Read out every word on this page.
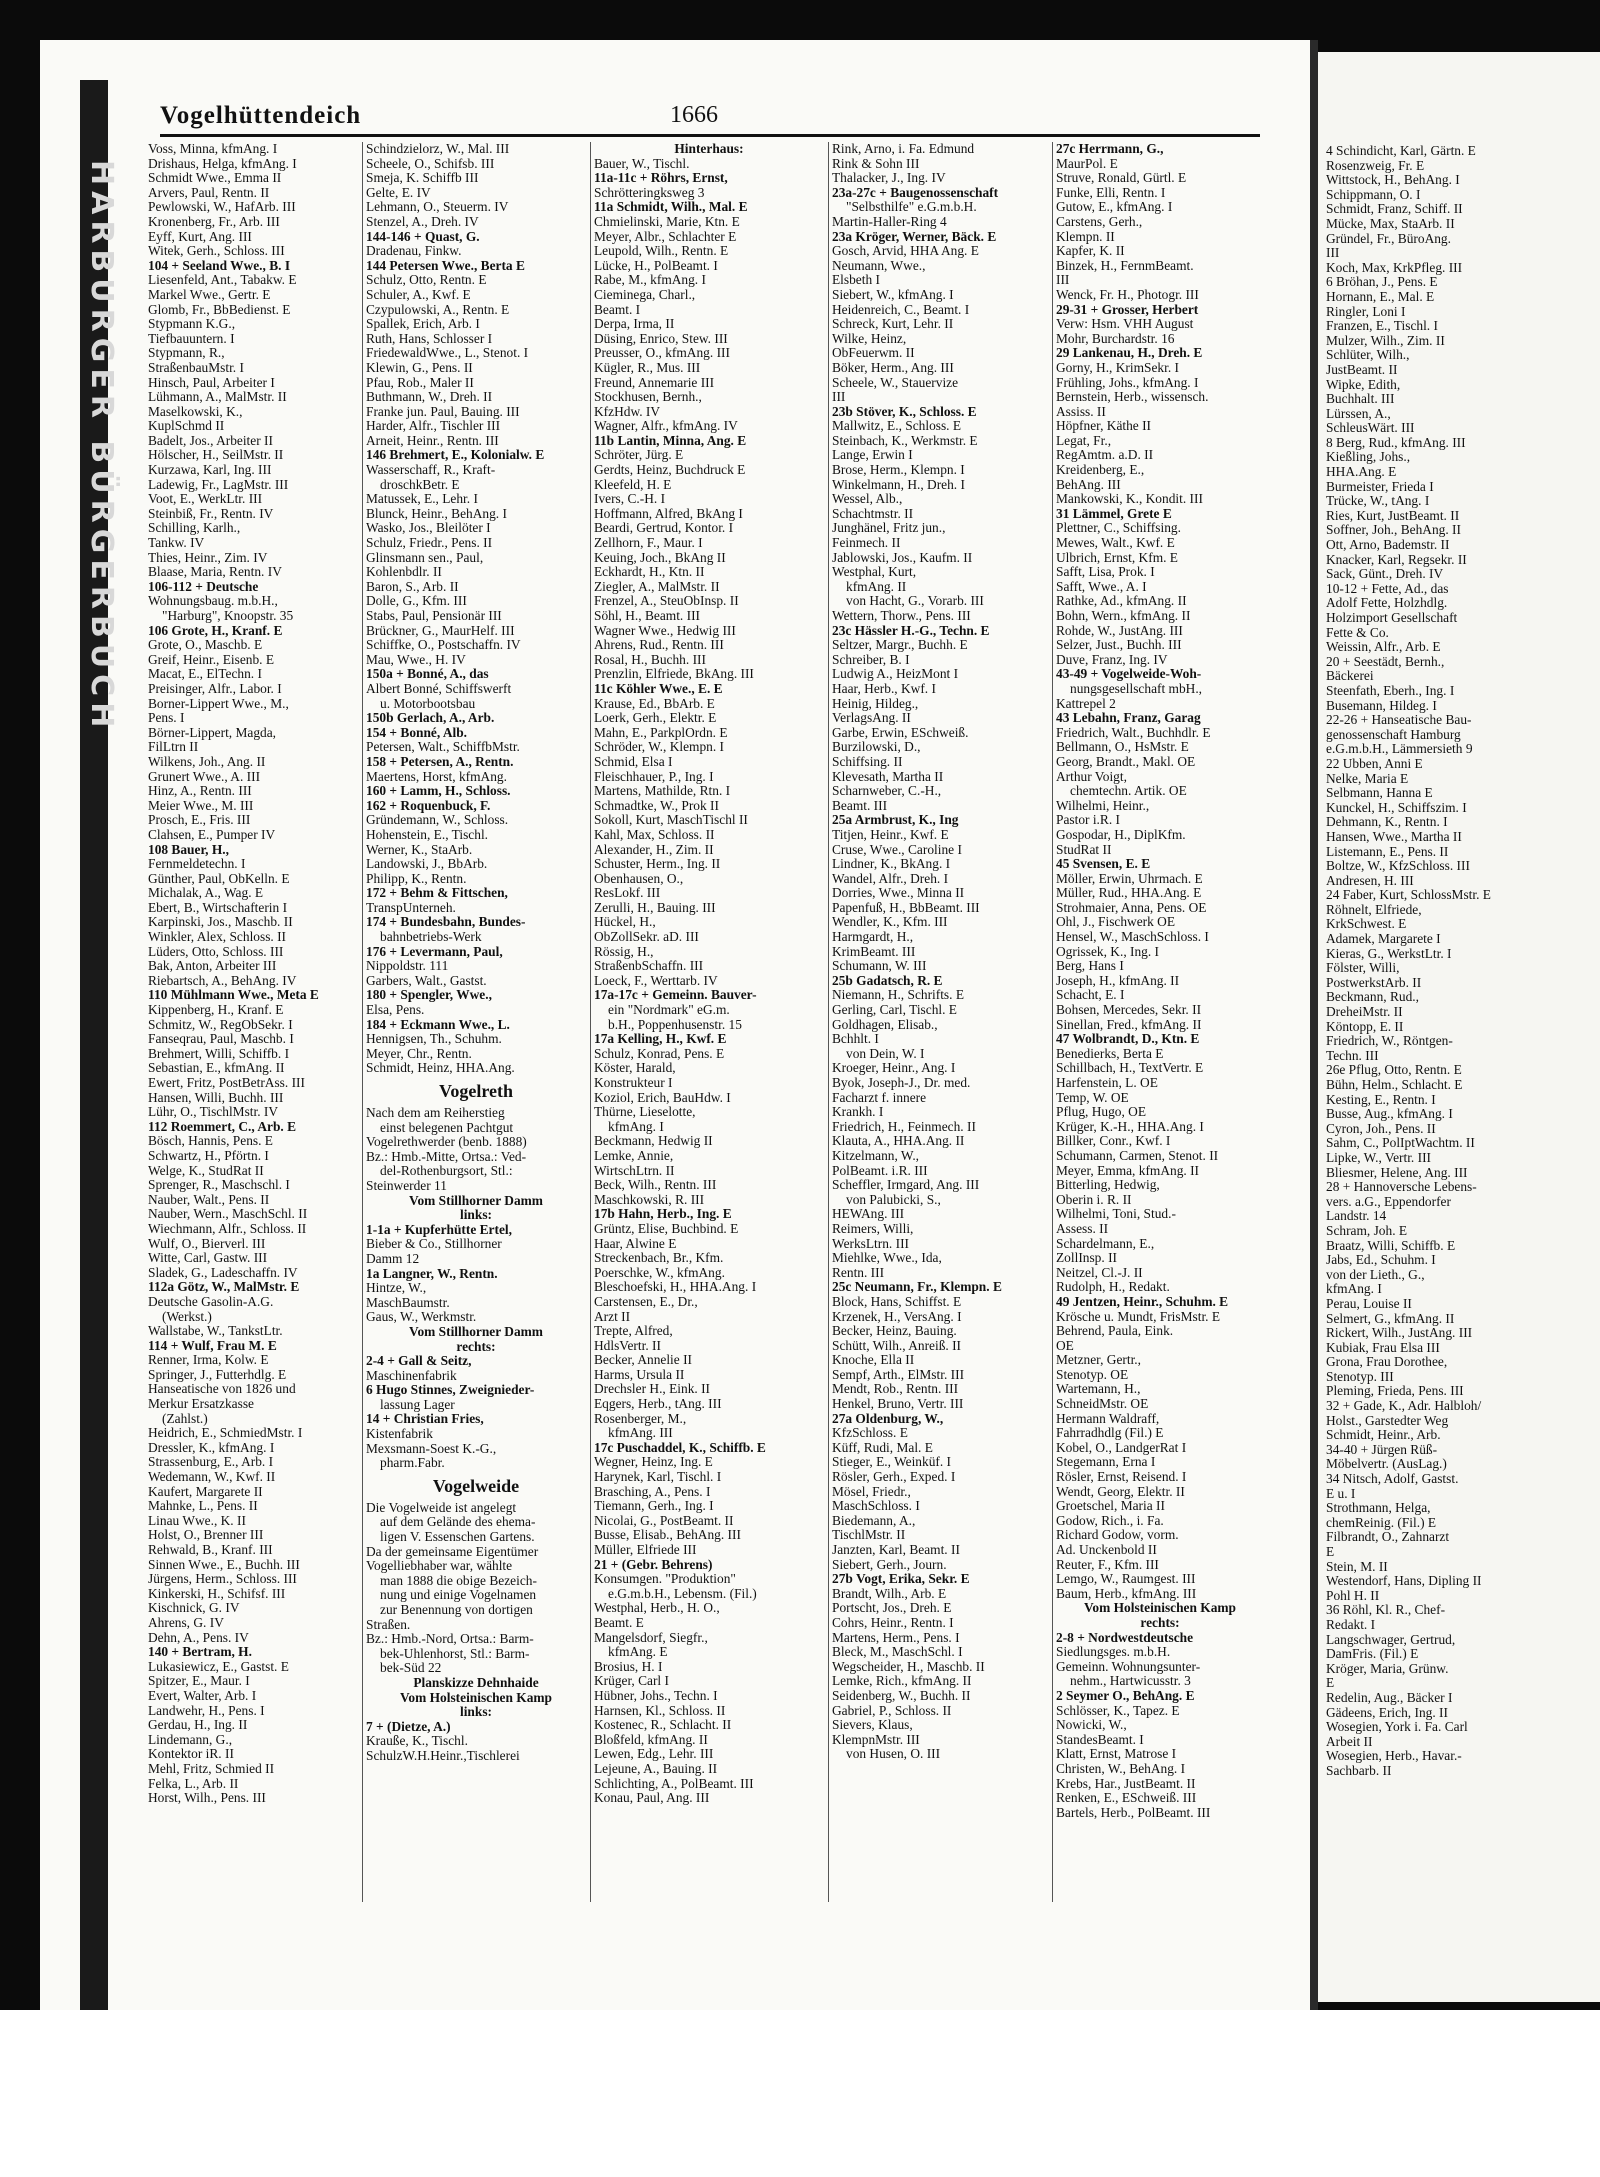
HARBURGER BÜRGERBUCH
4 Schindicht, Karl, Gärtn. E
Rosenzweig, Fr. E
Wittstock, H., BehAng. I
Schippmann, O. I
Schmidt, Franz, Schiff. II
Mücke, Max, StaArb. II
Gründel, Fr., BüroAng.
III
Koch, Max, KrkPfleg. III
6 Bröhan, J., Pens. E
Hornann, E., Mal. E
Ringler, Loni I
Franzen, E., Tischl. I
Mulzer, Wilh., Zim. II
Schlüter, Wilh.,
JustBeamt. II
Wipke, Edith,
Buchhalt. III
Lürssen, A.,
SchleusWärt. III
8 Berg, Rud., kfmAng. III
Kießling, Johs.,
HHA.Ang. E
Burmeister, Frieda I
Trücke, W., tAng. I
Ries, Kurt, JustBeamt. II
Soffner, Joh., BehAng. II
Ott, Arno, Bademstr. II
Knacker, Karl, Regsekr. II
Sack, Günt., Dreh. IV
10-12 + Fette, Ad., das
Adolf Fette, Holzhdlg.
Holzimport Gesellschaft
Fette & Co.
Weissin, Alfr., Arb. E
20 + Seestädt, Bernh.,
Bäckerei
Steenfath, Eberh., Ing. I
Busemann, Hildeg. I
22-26 + Hanseatische Bau-
genossenschaft Hamburg
e.G.m.b.H., Lämmersieth 9
22 Ubben, Anni E
Nelke, Maria E
Selbmann, Hanna E
Kunckel, H., Schiffszim. I
Dehmann, K., Rentn. I
Hansen, Wwe., Martha II
Listemann, E., Pens. II
Boltze, W., KfzSchloss. III
Andresen, H. III
24 Faber, Kurt, SchlossMstr. E
Röhnelt, Elfriede,
KrkSchwest. E
Adamek, Margarete I
Kieras, G., WerkstLtr. I
Fölster, Willi,
PostwerkstArb. II
Beckmann, Rud.,
DreheiMstr. II
Köntopp, E. II
Friedrich, W., Röntgen-
Techn. III
26e Pflug, Otto, Rentn. E
Bühn, Helm., Schlacht. E
Kesting, E., Rentn. I
Busse, Aug., kfmAng. I
Cyron, Joh., Pens. II
Sahm, C., PolIptWachtm. II
Lipke, W., Vertr. III
Bliesmer, Helene, Ang. III
28 + Hannoversche Lebens-
vers. a.G., Eppendorfer
Landstr. 14
Schram, Joh. E
Braatz, Willi, Schiffb. E
Jabs, Ed., Schuhm. I
von der Lieth., G.,
kfmAng. I
Perau, Louise II
Selmert, G., kfmAng. II
Rickert, Wilh., JustAng. III
Kubiak, Frau Elsa III
Grona, Frau Dorothee,
Stenotyp. III
Pleming, Frieda, Pens. III
32 + Gade, K., Adr. Halbloh/
Holst., Garstedter Weg
Schmidt, Heinr., Arb.
34-40 + Jürgen Rüß-
Möbelvertr. (AusLag.)
34 Nitsch, Adolf, Gastst.
E u. I
Strothmann, Helga,
chemReinig. (Fil.) E
Filbrandt, O., Zahnarzt
E
Stein, M. II
Westendorf, Hans, Dipling II
Pohl H. II
36 Röhl, Kl. R., Chef-
Redakt. I
Langschwager, Gertrud,
DamFris. (Fil.) E
Kröger, Maria, Grünw.
E
Redelin, Aug., Bäcker I
Gädeens, Erich, Ing. II
Wosegien, York i. Fa. Carl
Arbeit II
Wosegien, Herb., Havar.-
Sachbarb. II
Vogelhüttendeich	1666
Voss, Minna, kfmAng. I
Drishaus, Helga, kfmAng. I
Schmidt Wwe., Emma II
Arvers, Paul, Rentn. II
Pewlowski, W., HafArb. III
Kronenberg, Fr., Arb. III
Eyff, Kurt, Ang. III
Witek, Gerh., Schloss. III
104 + Seeland Wwe., B. I
Liesenfeld, Ant., Tabakw. E
Markel Wwe., Gertr. E
Glomb, Fr., BbBedienst. E
Stypmann K.G.,
Tiefbauuntern. I
Stypmann, R.,
StraßenbauMstr. I
Hinsch, Paul, Arbeiter I
Lühmann, A., MalMstr. II
Maselkowski, K.,
KuplSchmd II
Badelt, Jos., Arbeiter II
Hölscher, H., SeilMstr. II
Kurzawa, Karl, Ing. III
Ladewig, Fr., LagMstr. III
Voot, E., WerkLtr. III
Steinbiß, Fr., Rentn. IV
Schilling, Karlh.,
Tankw. IV
Thies, Heinr., Zim. IV
Blaase, Maria, Rentn. IV
106-112 + Deutsche
Wohnungsbaug. m.b.H.,
"Harburg", Knoopstr. 35
106 Grote, H., Kranf. E
Grote, O., Maschb. E
Greif, Heinr., Eisenb. E
Macat, E., ElTechn. I
Preisinger, Alfr., Labor. I
Borner-Lippert Wwe., M.,
Pens. I
Börner-Lippert, Magda,
FilLtrn II
Wilkens, Joh., Ang. II
Grunert Wwe., A. III
Hinz, A., Rentn. III
Meier Wwe., M. III
Prosch, E., Fris. III
Clahsen, E., Pumper IV
108 Bauer, H.,
Fernmeldetechn. I
Günther, Paul, ObKelln. E
Michalak, A., Wag. E
Ebert, B., Wirtschafterin I
Karpinski, Jos., Maschb. II
Winkler, Alex, Schloss. II
Lüders, Otto, Schloss. III
Bak, Anton, Arbeiter III
Riebartsch, A., BehAng. IV
110 Mühlmann Wwe., Meta E
Kippenberg, H., Kranf. E
Schmitz, W., RegObSekr. I
Fanseqrau, Paul, Maschb. I
Brehmert, Willi, Schiffb. I
Sebastian, E., kfmAng. II
Ewert, Fritz, PostBetrAss. III
Hansen, Willi, Buchh. III
Lühr, O., TischlMstr. IV
112 Roemmert, C., Arb. E
Bösch, Hannis, Pens. E
Schwartz, H., Pförtn. I
Welge, K., StudRat II
Sprenger, R., Maschschl. I
Nauber, Walt., Pens. II
Nauber, Wern., MaschSchl. II
Wiechmann, Alfr., Schloss. II
Wulf, O., Bierverl. III
Witte, Carl, Gastw. III
Sladek, G., Ladeschaffn. IV
112a Götz, W., MalMstr. E
Deutsche Gasolin-A.G.
(Werkst.)
Wallstabe, W., TankstLtr.
114 + Wulf, Frau M. E
Renner, Irma, Kolw. E
Springer, J., Futterhdlg. E
Hanseatische von 1826 und
Merkur Ersatzkasse
(Zahlst.)
Heidrich, E., SchmiedMstr. I
Dressler, K., kfmAng. I
Strassenburg, E., Arb. I
Wedemann, W., Kwf. II
Kaufert, Margarete II
Mahnke, L., Pens. II
Linau Wwe., K. II
Holst, O., Brenner III
Rehwald, B., Kranf. III
Sinnen Wwe., E., Buchh. III
Jürgens, Herm., Schloss. III
Kinkerski, H., Schifsf. III
Kischnick, G. IV
Ahrens, G. IV
Dehn, A., Pens. IV
140 + Bertram, H.
Lukasiewicz, E., Gastst. E
Spitzer, E., Maur. I
Evert, Walter, Arb. I
Landwehr, H., Pens. I
Gerdau, H., Ing. II
Lindemann, G.,
Kontektor iR. II
Mehl, Fritz, Schmied II
Felka, L., Arb. II
Horst, Wilh., Pens. III
Schindzielorz, W., Mal. III
Scheele, O., Schifsb. III
Smeja, K. Schiffb III
Gelte, E. IV
Lehmann, O., Steuerm. IV
Stenzel, A., Dreh. IV
144-146 + Quast, G.
Dradenau, Finkw.
144 Petersen Wwe., Berta E
Schulz, Otto, Rentn. E
Schuler, A., Kwf. E
Czypulowski, A., Rentn. E
Spallek, Erich, Arb. I
Ruth, Hans, Schlosser I
FriedewaldWwe., L., Stenot. I
Klewin, G., Pens. II
Pfau, Rob., Maler II
Buthmann, W., Dreh. II
Franke jun. Paul, Bauing. III
Harder, Alfr., Tischler III
Arneit, Heinr., Rentn. III
146 Brehmert, E., Kolonialw. E
Wasserschaff, R., Kraft-
droschkBetr. E
Matussek, E., Lehr. I
Blunck, Heinr., BehAng. I
Wasko, Jos., Bleilöter I
Schulz, Friedr., Pens. II
Glinsmann sen., Paul,
Kohlenbdlr. II
Baron, S., Arb. II
Dolle, G., Kfm. III
Stabs, Paul, Pensionär III
Brückner, G., MaurHelf. III
Schiffke, O., Postschaffn. IV
Mau, Wwe., H. IV
150a + Bonné, A., das
Albert Bonné, Schiffswerft
u. Motorbootsbau
150b Gerlach, A., Arb.
154 + Bonné, Alb.
Petersen, Walt., SchiffbMstr.
158 + Petersen, A., Rentn.
Maertens, Horst, kfmAng.
160 + Lamm, H., Schloss.
162 + Roquenbuck, F.
Gründemann, W., Schloss.
Hohenstein, E., Tischl.
Werner, K., StaArb.
Landowski, J., BbArb.
Philipp, K., Rentn.
172 + Behm & Fittschen,
TranspUnterneh.
174 + Bundesbahn, Bundes-
bahnbetriebs-Werk
176 + Levermann, Paul,
Nippoldstr. 111
Garbers, Walt., Gastst.
180 + Spengler, Wwe.,
Elsa, Pens.
184 + Eckmann Wwe., L.
Hennigsen, Th., Schuhm.
Meyer, Chr., Rentn.
Schmidt, Heinz, HHA.Ang.
Vogelreth
Nach dem am Reiherstieg
einst belegenen Pachtgut
Vogelrethwerder (benb. 1888)
Bz.: Hmb.-Mitte, Ortsa.: Ved-
del-Rothenburgsort, Stl.:
Steinwerder 11
Vom Stillhorner Damm
links:
1-1a + Kupferhütte Ertel,
Bieber & Co., Stillhorner
Damm 12
1a Langner, W., Rentn.
Hintze, W.,
MaschBaumstr.
Gaus, W., Werkmstr.
Vom Stillhorner Damm
rechts:
2-4 + Gall & Seitz,
Maschinenfabrik
6 Hugo Stinnes, Zweignieder-
lassung Lager
14 + Christian Fries,
Kistenfabrik
Mexsmann-Soest K.-G.,
pharm.Fabr.
Vogelweide
Die Vogelweide ist angelegt
auf dem Gelände des ehema-
ligen V. Essenschen Gartens.
Da der gemeinsame Eigentümer
Vogelliebhaber war, wählte
man 1888 die obige Bezeich-
nung und einige Vogelnamen
zur Benennung von dortigen
Straßen.
Bz.: Hmb.-Nord, Ortsa.: Barm-
bek-Uhlenhorst, Stl.: Barm-
bek-Süd 22
Planskizze Dehnhaide
Vom Holsteinischen Kamp
links:
7 + (Dietze, A.)
Krauße, K., Tischl.
SchulzW.H.Heinr.,Tischlerei
Hinterhaus:
Bauer, W., Tischl.
11a-11c + Röhrs, Ernst,
Schrötteringksweg 3
11a Schmidt, Wilh., Mal. E
Chmielinski, Marie, Ktn. E
Meyer, Albr., Schlachter E
Leupold, Wilh., Rentn. E
Lücke, H., PolBeamt. I
Rabe, M., kfmAng. I
Cieminega, Charl.,
Beamt. I
Derpa, Irma, II
Düsing, Enrico, Stew. III
Preusser, O., kfmAng. III
Kügler, R., Mus. III
Freund, Annemarie III
Stockhusen, Bernh.,
KfzHdw. IV
Wagner, Alfr., kfmAng. IV
11b Lantin, Minna, Ang. E
Schröter, Jürg. E
Gerdts, Heinz, Buchdruck E
Kleefeld, H. E
Ivers, C.-H. I
Hoffmann, Alfred, BkAng I
Beardi, Gertrud, Kontor. I
Zellhorn, F., Maur. I
Keuing, Joch., BkAng II
Eckhardt, H., Ktn. II
Ziegler, A., MalMstr. II
Frenzel, A., SteuObInsp. II
Söhl, H., Beamt. III
Wagner Wwe., Hedwig III
Ahrens, Rud., Rentn. III
Rosal, H., Buchh. III
Prenzlin, Elfriede, BkAng. III
11c Köhler Wwe., E. E
Krause, Ed., BbArb. E
Loerk, Gerh., Elektr. E
Mahn, E., ParkplOrdn. E
Schröder, W., Klempn. I
Schmid, Elsa I
Fleischhauer, P., Ing. I
Martens, Mathilde, Rtn. I
Schmadtke, W., Prok II
Sokoll, Kurt, MaschTischl II
Kahl, Max, Schloss. II
Alexander, H., Zim. II
Schuster, Herm., Ing. II
Obenhausen, O.,
ResLokf. III
Zerulli, H., Bauing. III
Hückel, H.,
ObZollSekr. aD. III
Rössig, H.,
StraßenbSchaffn. III
Loeck, F., Werttarb. IV
17a-17c + Gemeinn. Bauver-
ein "Nordmark" eG.m.
b.H., Poppenhusenstr. 15
17a Kelling, H., Kwf. E
Schulz, Konrad, Pens. E
Köster, Harald,
Konstrukteur I
Koziol, Erich, BauHdw. I
Thürne, Lieselotte,
kfmAng. I
Beckmann, Hedwig II
Lemke, Annie,
WirtschLtrn. II
Beck, Wilh., Rentn. III
Maschkowski, R. III
17b Hahn, Herb., Ing. E
Grüntz, Elise, Buchbind. E
Haar, Alwine E
Streckenbach, Br., Kfm.
Poerschke, W., kfmAng.
Bleschoefski, H., HHA.Ang. I
Carstensen, E., Dr.,
Arzt II
Trepte, Alfred,
HdlsVertr. II
Becker, Annelie II
Harms, Ursula II
Drechsler H., Eink. II
Eqgers, Herb., tAng. III
Rosenberger, M.,
kfmAng. III
17c Puschaddel, K., Schiffb. E
Wegner, Heinz, Ing. E
Harynek, Karl, Tischl. I
Brasching, A., Pens. I
Tiemann, Gerh., Ing. I
Nicolai, G., PostBeamt. II
Busse, Elisab., BehAng. III
Müller, Elfriede III
21 + (Gebr. Behrens)
Konsumgen. "Produktion"
e.G.m.b.H., Lebensm. (Fil.)
Westphal, Herb., H. O.,
Beamt. E
Mangelsdorf, Siegfr.,
kfmAng. E
Brosius, H. I
Krüger, Carl I
Hübner, Johs., Techn. I
Harnsen, Kl., Schloss. II
Kostenec, R., Schlacht. II
Bloßfeld, kfmAng. II
Lewen, Edg., Lehr. III
Lejeune, A., Bauing. II
Schlichting, A., PolBeamt. III
Konau, Paul, Ang. III
Rink, Arno, i. Fa. Edmund
Rink & Sohn III
Thalacker, J., Ing. IV
23a-27c + Baugenossenschaft
"Selbsthilfe" e.G.m.b.H.
Martin-Haller-Ring 4
23a Kröger, Werner, Bäck. E
Gosch, Arvid, HHA Ang. E
Neumann, Wwe.,
Elsbeth I
Siebert, W., kfmAng. I
Heidenreich, C., Beamt. I
Schreck, Kurt, Lehr. II
Wilke, Heinz,
ObFeuerwm. II
Böker, Herm., Ang. III
Scheele, W., Stauervize
III
23b Stöver, K., Schloss. E
Mallwitz, E., Schloss. E
Steinbach, K., Werkmstr. E
Lange, Erwin I
Brose, Herm., Klempn. I
Winkelmann, H., Dreh. I
Wessel, Alb.,
Schachtmstr. II
Junghänel, Fritz jun.,
Feinmech. II
Jablowski, Jos., Kaufm. II
Westphal, Kurt,
kfmAng. II
von Hacht, G., Vorarb. III
Wettern, Thorw., Pens. III
23c Hässler H.-G., Techn. E
Seltzer, Margr., Buchh. E
Schreiber, B. I
Ludwig A., HeizMont I
Haar, Herb., Kwf. I
Heinig, Hildeg.,
VerlagsAng. II
Garbe, Erwin, ESchweiß.
Burzilowski, D.,
Schiffsing. II
Klevesath, Martha II
Scharnweber, C.-H.,
Beamt. III
25a Armbrust, K., Ing
Titjen, Heinr., Kwf. E
Cruse, Wwe., Caroline I
Lindner, K., BkAng. I
Wandel, Alfr., Dreh. I
Dorries, Wwe., Minna II
Papenfuß, H., BbBeamt. III
Wendler, K., Kfm. III
Harmgardt, H.,
KrimBeamt. III
Schumann, W. III
25b Gadatsch, R. E
Niemann, H., Schrifts. E
Gerling, Carl, Tischl. E
Goldhagen, Elisab.,
Bchhlt. I
von Dein, W. I
Kroeger, Heinr., Ang. I
Byok, Joseph-J., Dr. med.
Facharzt f. innere
Krankh. I
Friedrich, H., Feinmech. II
Klauta, A., HHA.Ang. II
Kitzelmann, W.,
PolBeamt. i.R. III
Scheffler, Irmgard, Ang. III
von Palubicki, S.,
HEWAng. III
Reimers, Willi,
WerksLtrn. III
Miehlke, Wwe., Ida,
Rentn. III
25c Neumann, Fr., Klempn. E
Block, Hans, Schiffst. E
Krzenek, H., VersAng. I
Becker, Heinz, Bauing.
Schütt, Wilh., Anreiß. II
Knoche, Ella II
Sempf, Arth., ElMstr. III
Mendt, Rob., Rentn. III
Henkel, Bruno, Vertr. III
27a Oldenburg, W.,
KfzSchloss. E
Küff, Rudi, Mal. E
Stieger, E., Weinküf. I
Rösler, Gerh., Exped. I
Mösel, Friedr.,
MaschSchloss. I
Biedemann, A.,
TischlMstr. II
Janzten, Karl, Beamt. II
Siebert, Gerh., Journ.
27b Vogt, Erika, Sekr. E
Brandt, Wilh., Arb. E
Portscht, Jos., Dreh. E
Cohrs, Heinr., Rentn. I
Martens, Herm., Pens. I
Bleck, M., MaschSchl. I
Wegscheider, H., Maschb. II
Lemke, Rich., kfmAng. II
Seidenberg, W., Buchh. II
Gabriel, P., Schloss. II
Sievers, Klaus,
KlempnMstr. III
von Husen, O. III
27c Herrmann, G.,
MaurPol. E
Struve, Ronald, Gürtl. E
Funke, Elli, Rentn. I
Gutow, E., kfmAng. I
Carstens, Gerh.,
Klempn. II
Kapfer, K. II
Binzek, H., FernmBeamt.
III
Wenck, Fr. H., Photogr. III
29-31 + Grosser, Herbert
Verw: Hsm. VHH August
Mohr, Burchardstr. 16
29 Lankenau, H., Dreh. E
Gorny, H., KrimSekr. I
Frühling, Johs., kfmAng. I
Bernstein, Herb., wissensch.
Assiss. II
Höpfner, Käthe II
Legat, Fr.,
RegAmtm. a.D. II
Kreidenberg, E.,
BehAng. III
Mankowski, K., Kondit. III
31 Lämmel, Grete E
Plettner, C., Schiffsing.
Mewes, Walt., Kwf. E
Ulbrich, Ernst, Kfm. E
Safft, Lisa, Prok. I
Safft, Wwe., A. I
Rathke, Ad., kfmAng. II
Bohn, Wern., kfmAng. II
Rohde, W., JustAng. III
Selzer, Just., Buchh. III
Duve, Franz, Ing. IV
43-49 + Vogelweide-Woh-
nungsgesellschaft mbH.,
Kattrepel 2
43 Lebahn, Franz, Garag
Friedrich, Walt., Buchhdlr. E
Bellmann, O., HsMstr. E
Georg, Brandt., Makl. OE
Arthur Voigt,
chemtechn. Artik. OE
Wilhelmi, Heinr.,
Pastor i.R. I
Gospodar, H., DiplKfm.
StudRat II
45 Svensen, E. E
Möller, Erwin, Uhrmach. E
Müller, Rud., HHA.Ang. E
Strohmaier, Anna, Pens. OE
Ohl, J., Fischwerk OE
Hensel, W., MaschSchloss. I
Ogrissek, K., Ing. I
Berg, Hans I
Joseph, H., kfmAng. II
Schacht, E. I
Bohsen, Mercedes, Sekr. II
Sinellan, Fred., kfmAng. II
47 Wolbrandt, D., Ktn. E
Benedierks, Berta E
Schillbach, H., TextVertr. E
Harfenstein, L. OE
Temp, W. OE
Pflug, Hugo, OE
Krüger, K.-H., HHA.Ang. I
Billker, Conr., Kwf. I
Schumann, Carmen, Stenot. II
Meyer, Emma, kfmAng. II
Bitterling, Hedwig,
Oberin i. R. II
Wilhelmi, Toni, Stud.-
Assess. II
Schardelmann, E.,
ZollInsp. II
Neitzel, Cl.-J. II
Rudolph, H., Redakt.
49 Jentzen, Heinr., Schuhm. E
Krösche u. Mundt, FrisMstr. E
Behrend, Paula, Eink.
OE
Metzner, Gertr.,
Stenotyp. OE
Wartemann, H.,
SchneidMstr. OE
Hermann Waldraff,
Fahrradhdlg (Fil.) E
Kobel, O., LandgerRat I
Stegemann, Erna I
Rösler, Ernst, Reisend. I
Wendt, Georg, Elektr. II
Groetschel, Maria II
Godow, Rich., i. Fa.
Richard Godow, vorm.
Ad. Unckenbold II
Reuter, F., Kfm. III
Lemgo, W., Raumgest. III
Baum, Herb., kfmAng. III
Vom Holsteinischen Kamp
rechts:
2-8 + Nordwestdeutsche
Siedlungsges. m.b.H.
Gemeinn. Wohnungsunter-
nehm., Hartwicusstr. 3
2 Seymer O., BehAng. E
Schlösser, K., Tapez. E
Nowicki, W.,
StandesBeamt. I
Klatt, Ernst, Matrose I
Christen, W., BehAng. I
Krebs, Har., JustBeamt. II
Renken, E., ESchweiß. III
Bartels, Herb., PolBeamt. III
